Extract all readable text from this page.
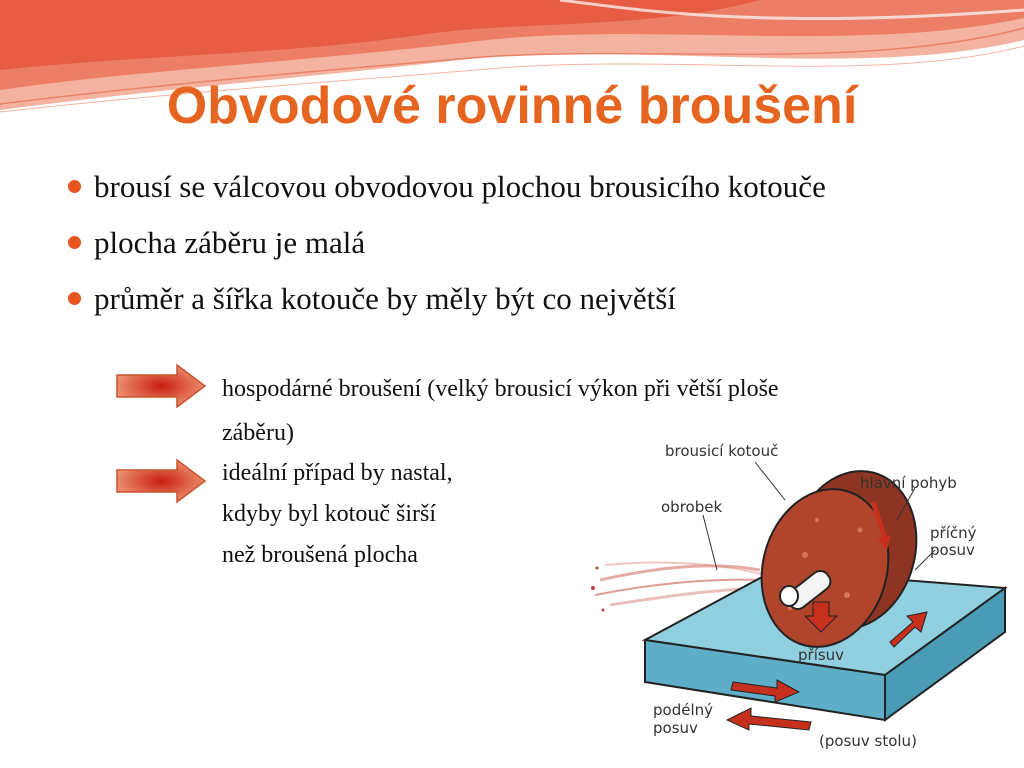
Obvodové rovinné broušení
brousí se válcovou obvodovou plochou brousicího kotouče
plocha záběru je malá
průměr a šířka kotouče by měly být co největší
hospodárné broušení (velký brousicí výkon při větší ploše
záběru)
ideální případ by nastal,
kdyby byl kotouč širší
než broušená plocha
brousicí kotouč
hlavní pohyb
obrobek
příčný
posuv
přísuv
podélný
posuv
(posuv stolu)
